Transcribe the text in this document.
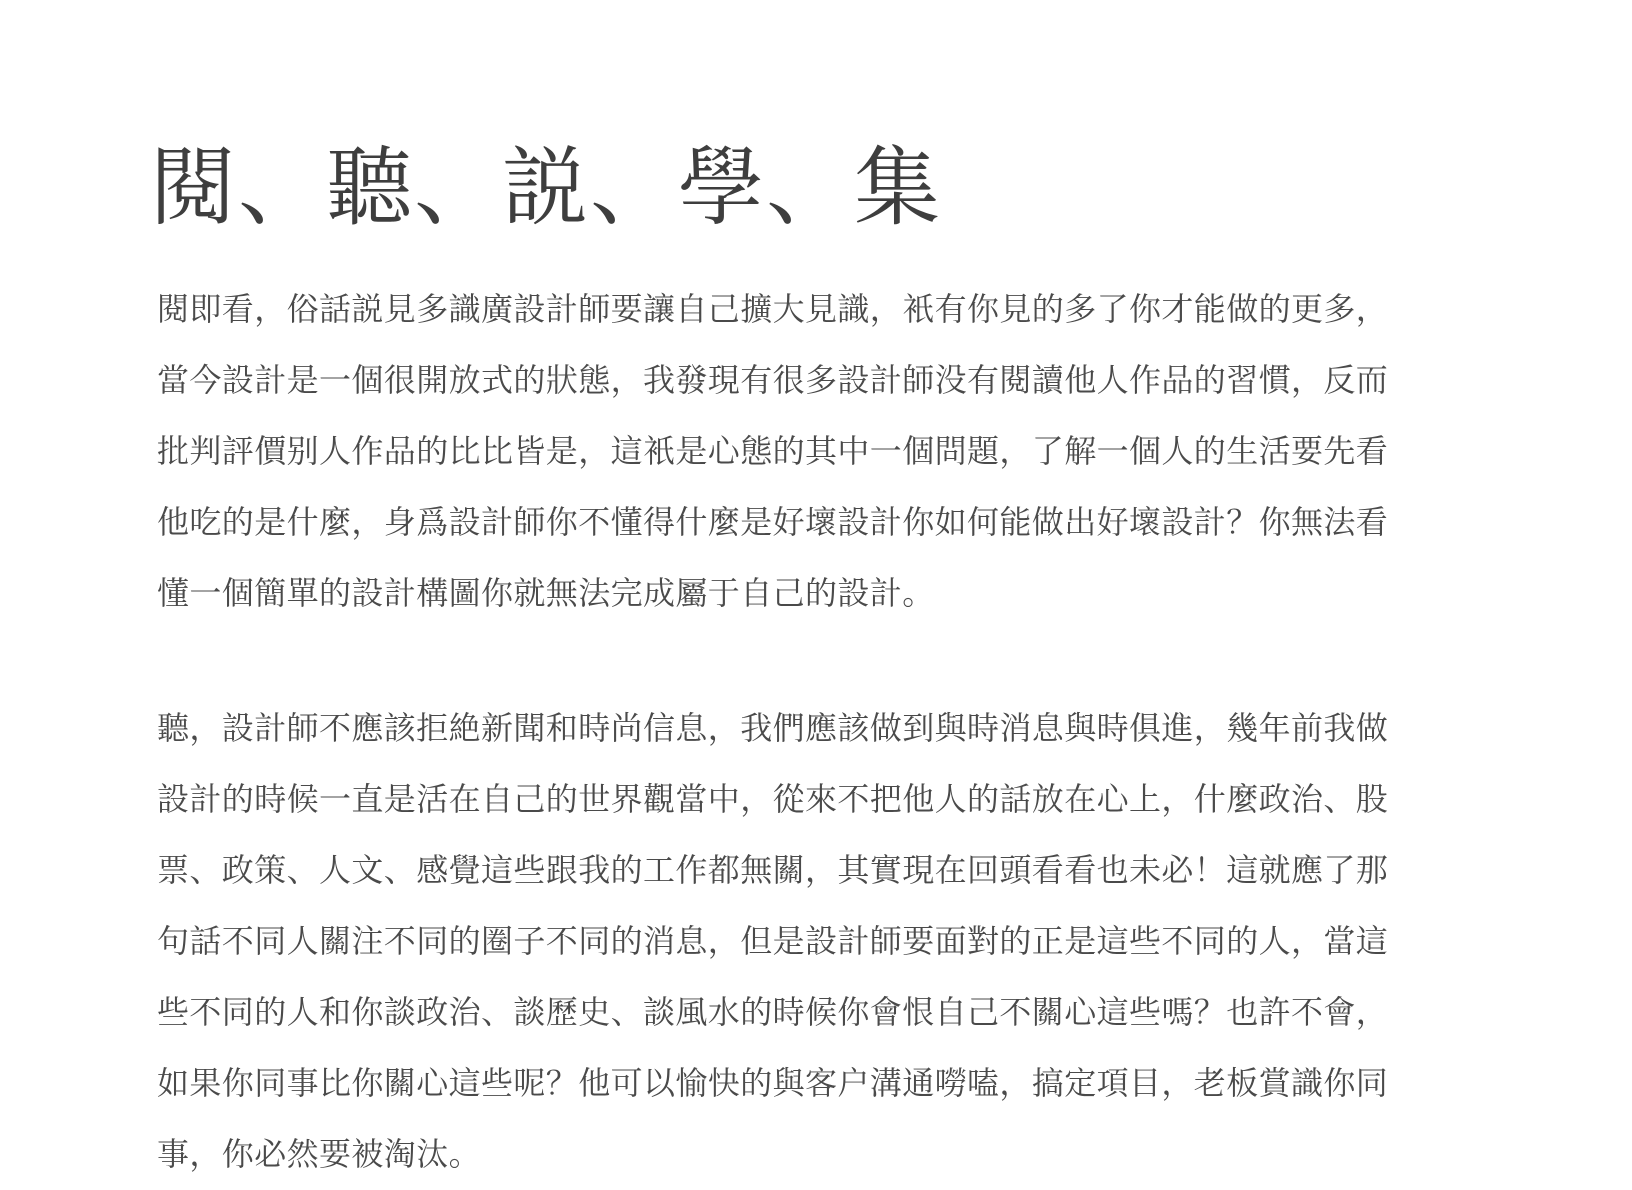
閱、聽、説、學、集

閱即看，俗話説見多識廣設計師要讓自己擴大見識，衹有你見的多了你才能做的更多，
當今設計是一個很開放式的狀態，我發現有很多設計師没有閱讀他人作品的習慣，反而
批判評價别人作品的比比皆是，這衹是心態的其中一個問題，了解一個人的生活要先看
他吃的是什麼，身爲設計師你不懂得什麼是好壞設計你如何能做出好壞設計？你無法看
懂一個簡單的設計構圖你就無法完成屬于自己的設計。

聽，設計師不應該拒絶新聞和時尚信息，我們應該做到與時消息與時俱進，幾年前我做
設計的時候一直是活在自己的世界觀當中，從來不把他人的話放在心上，什麼政治、股
票、政策、人文、感覺這些跟我的工作都無關，其實現在回頭看看也未必！這就應了那
句話不同人關注不同的圈子不同的消息，但是設計師要面對的正是這些不同的人，當這
些不同的人和你談政治、談歷史、談風水的時候你會恨自己不關心這些嗎？也許不會，
如果你同事比你關心這些呢？他可以愉快的與客户溝通嘮嗑，搞定項目，老板賞識你同
事，你必然要被淘汰。
